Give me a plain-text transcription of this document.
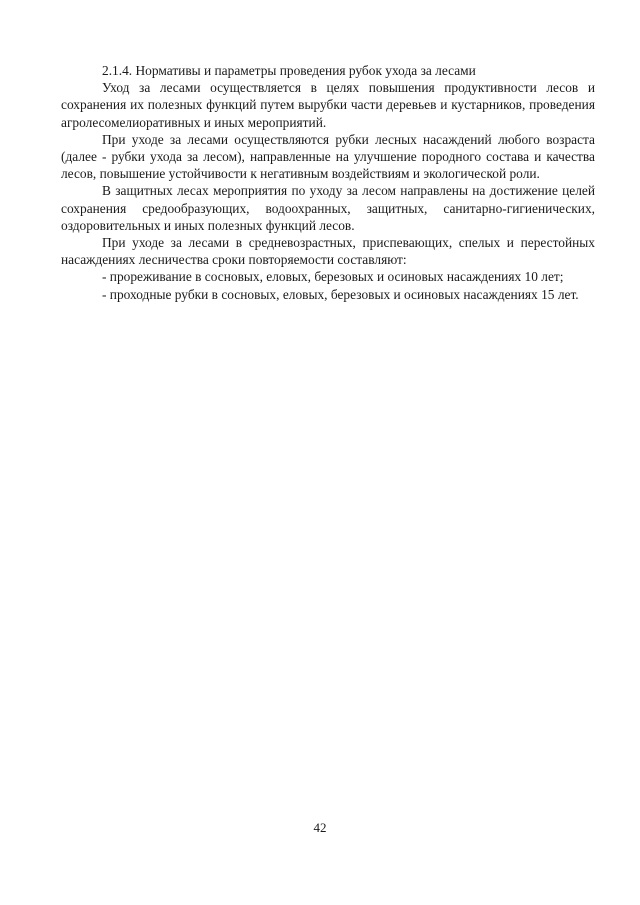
2.1.4. Нормативы и параметры проведения рубок ухода за лесами

Уход за лесами осуществляется в целях повышения продуктивности лесов и сохранения их полезных функций путем вырубки части деревьев и кустарников, проведения агролесомелиоративных и иных мероприятий.

При уходе за лесами осуществляются рубки лесных насаждений любого возраста (далее - рубки ухода за лесом), направленные на улучшение породного состава и качества лесов, повышение устойчивости к негативным воздействиям и экологической роли.

В защитных лесах мероприятия по уходу за лесом направлены на достижение целей сохранения средообразующих, водоохранных, защитных, санитарно-гигиенических, оздоровительных и иных полезных функций лесов.

При уходе за лесами в средневозрастных, приспевающих, спелых и перестойных насаждениях лесничества сроки повторяемости составляют:

- прореживание в сосновых, еловых, березовых и осиновых насаждениях 10 лет;

- проходные рубки в сосновых, еловых, березовых и осиновых насаждениях 15 лет.

42
